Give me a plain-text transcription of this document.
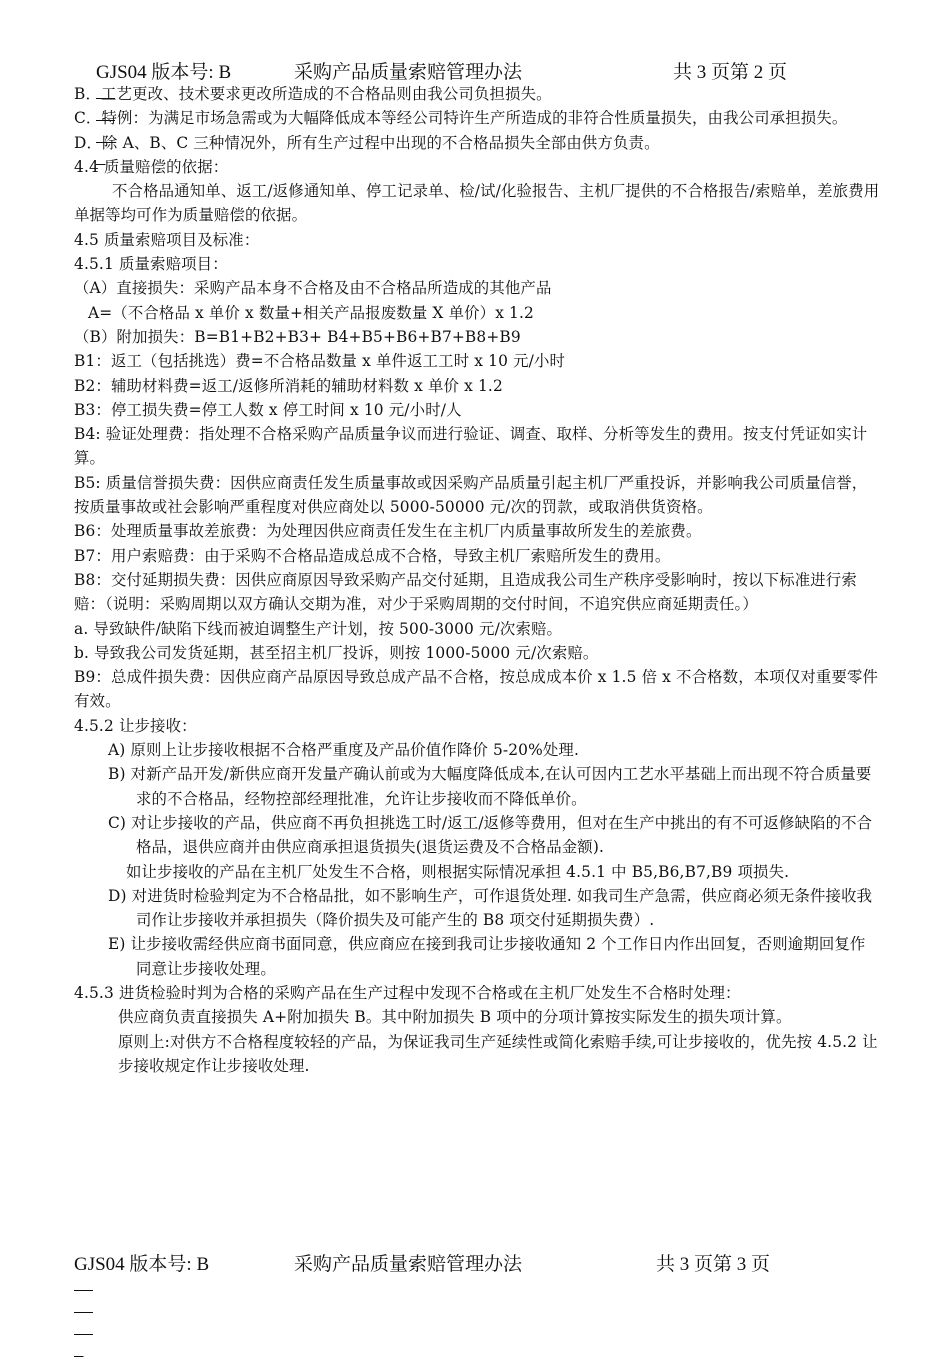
GJS04 版本号: B

	采购产品质量索赔管理办法

	共 3 页第 2 页

B．工艺更改、技术要求更改所造成的不合格品则由我公司负担损失。

C．特例：为满足市场急需或为大幅降低成本等经公司特许生产所造成的非符合性质量损失，由我公司承担损失。

D．除 A、B、C 三种情况外，所有生产过程中出现的不合格品损失全部由供方负责。

4.4 质量赔偿的依据：

不合格品通知单、返工/返修通知单、停工记录单、检/试/化验报告、主机厂提供的不合格报告/索赔单，差旅费用单据等均可作为质量赔偿的依据。

4.5 质量索赔项目及标准：

4.5.1 质量索赔项目：

（A）直接损失：采购产品本身不合格及由不合格品所造成的其他产品

A=（不合格品 x 单价 x 数量+相关产品报废数量 X 单价）x 1.2

（B）附加损失：B=B1+B2+B3+ B4+B5+B6+B7+B8+B9

B1：返工（包括挑选）费=不合格品数量 x 单件返工工时 x 10 元/小时

B2：辅助材料费=返工/返修所消耗的辅助材料数 x 单价 x 1.2

B3：停工损失费=停工人数 x 停工时间 x 10 元/小时/人

B4: 验证处理费：指处理不合格采购产品质量争议而进行验证、调查、取样、分析等发生的费用。按支付凭证如实计算。

B5: 质量信誉损失费：因供应商责任发生质量事故或因采购产品质量引起主机厂严重投诉，并影响我公司质量信誉，按质量事故或社会影响严重程度对供应商处以 5000-50000 元/次的罚款，或取消供货资格。

B6：处理质量事故差旅费：为处理因供应商责任发生在主机厂内质量事故所发生的差旅费。

B7：用户索赔费：由于采购不合格品造成总成不合格，导致主机厂索赔所发生的费用。

B8：交付延期损失费：因供应商原因导致采购产品交付延期，且造成我公司生产秩序受影响时，按以下标准进行索赔：（说明：采购周期以双方确认交期为准，对少于采购周期的交付时间，不追究供应商延期责任。）

a. 导致缺件/缺陷下线而被迫调整生产计划，按 500-3000 元/次索赔。

b. 导致我公司发货延期，甚至招主机厂投诉，则按 1000-5000 元/次索赔。

B9：总成件损失费：因供应商产品原因导致总成产品不合格，按总成成本价 x 1.5 倍 x 不合格数，本项仅对重要零件有效。

4.5.2 让步接收：

A) 原则上让步接收根据不合格严重度及产品价值作降价 5-20%处理.

B) 对新产品开发/新供应商开发量产确认前或为大幅度降低成本,在认可因内工艺水平基础上而出现不符合质量要求的不合格品，经物控部经理批准，允许让步接收而不降低单价。

C) 对让步接收的产品，供应商不再负担挑选工时/返工/返修等费用，但对在生产中挑出的有不可返修缺陷的不合格品，退供应商并由供应商承担退货损失(退货运费及不合格品金额).

如让步接收的产品在主机厂处发生不合格，则根据实际情况承担 4.5.1 中 B5,B6,B7,B9 项损失.

D) 对进货时检验判定为不合格品批，如不影响生产，可作退货处理. 如我司生产急需，供应商必须无条件接收我司作让步接收并承担损失（降价损失及可能产生的 B8 项交付延期损失费）.

E) 让步接收需经供应商书面同意，供应商应在接到我司让步接收通知 2 个工作日内作出回复，否则逾期回复作同意让步接收处理。

4.5.3 进货检验时判为合格的采购产品在生产过程中发现不合格或在主机厂处发生不合格时处理：

供应商负责直接损失 A+附加损失 B。其中附加损失 B 项中的分项计算按实际发生的损失项计算。

原则上:对供方不合格程度较轻的产品，为保证我司生产延续性或简化索赔手续,可让步接收的，优先按 4.5.2 让步接收规定作让步接收处理.

GJS04 版本号: B

	采购产品质量索赔管理办法

	共 3 页第 3 页
